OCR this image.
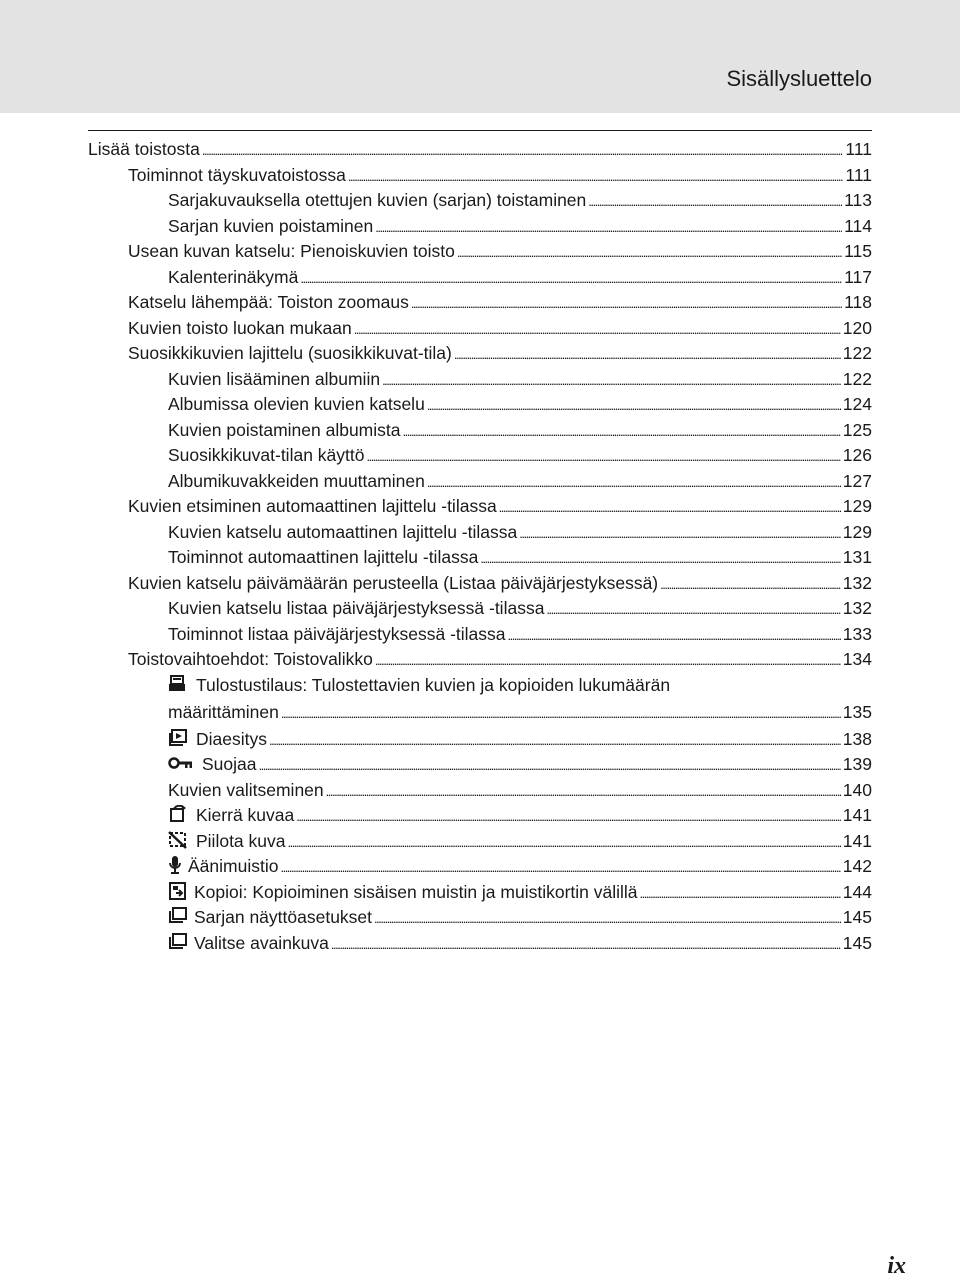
Sisällysluettelo
Lisää toistosta .....	111
Toiminnot täyskuvatoistossa .....	111
Sarjakuvauksella otettujen kuvien (sarjan) toistaminen .....	113
Sarjan kuvien poistaminen .....	114
Usean kuvan katselu: Pienoiskuvien toisto .....	115
Kalenterinäkymä .....	117
Katselu lähempää: Toiston zoomaus .....	118
Kuvien toisto luokan mukaan .....	120
Suosikkikuvien lajittelu (suosikkikuvat-tila) .....	122
Kuvien lisääminen albumiin .....	122
Albumissa olevien kuvien katselu .....	124
Kuvien poistaminen albumista .....	125
Suosikkikuvat-tilan käyttö .....	126
Albumikuvakkeiden muuttaminen .....	127
Kuvien etsiminen automaattinen lajittelu -tilassa .....	129
Kuvien katselu automaattinen lajittelu -tilassa .....	129
Toiminnot automaattinen lajittelu -tilassa .....	131
Kuvien katselu päivämäärän perusteella (Listaa päiväjärjestyksessä) .....	132
Kuvien katselu listaa päiväjärjestyksessä -tilassa .....	132
Toiminnot listaa päiväjärjestyksessä -tilassa .....	133
Toistovaihtoehdot: Toistovalikko .....	134
Tulostustilaus: Tulostettavien kuvien ja kopioiden lukumäärän
määrittäminen .....	135
Diaesitys .....	138
Suojaa .....	139
Kuvien valitseminen .....	140
Kierrä kuvaa .....	141
Piilota kuva .....	141
Äänimuistio .....	142
Kopioi: Kopioiminen sisäisen muistin ja muistikortin välillä .....	144
Sarjan näyttöasetukset .....	145
Valitse avainkuva .....	145
ix
